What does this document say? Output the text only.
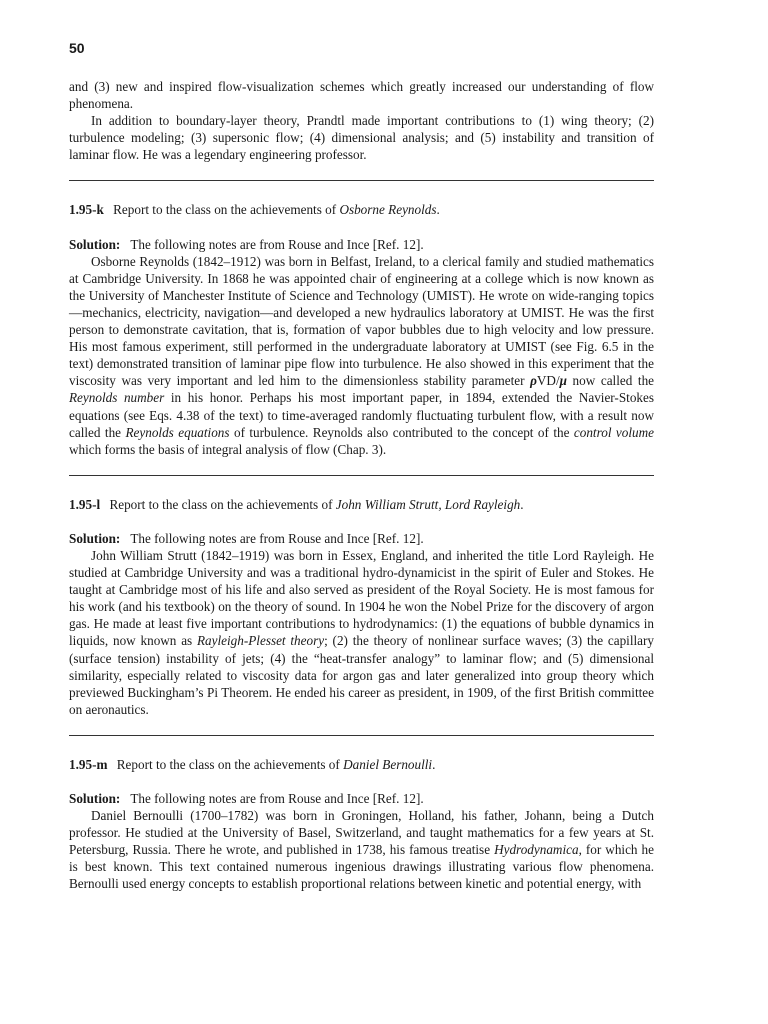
50

and (3) new and inspired flow-visualization schemes which greatly increased our understanding of flow phenomena.

In addition to boundary-layer theory, Prandtl made important contributions to (1) wing theory; (2) turbulence modeling; (3) supersonic flow; (4) dimensional analysis; and (5) instability and transition of laminar flow. He was a legendary engineering professor.

1.95-k Report to the class on the achievements of Osborne Reynolds.

Solution: The following notes are from Rouse and Ince [Ref. 12].

Osborne Reynolds (1842–1912) was born in Belfast, Ireland, to a clerical family and studied mathematics at Cambridge University. In 1868 he was appointed chair of engineering at a college which is now known as the University of Manchester Institute of Science and Technology (UMIST). He wrote on wide-ranging topics—mechanics, electricity, navigation—and developed a new hydraulics laboratory at UMIST. He was the first person to demonstrate cavitation, that is, formation of vapor bubbles due to high velocity and low pressure. His most famous experiment, still performed in the undergraduate laboratory at UMIST (see Fig. 6.5 in the text) demonstrated transition of laminar pipe flow into turbulence. He also showed in this experiment that the viscosity was very important and led him to the dimensionless stability parameter ρVD/μ now called the Reynolds number in his honor. Perhaps his most important paper, in 1894, extended the Navier-Stokes equations (see Eqs. 4.38 of the text) to time-averaged randomly fluctuating turbulent flow, with a result now called the Reynolds equations of turbulence. Reynolds also contributed to the concept of the control volume which forms the basis of integral analysis of flow (Chap. 3).

1.95-l Report to the class on the achievements of John William Strutt, Lord Rayleigh.

Solution: The following notes are from Rouse and Ince [Ref. 12].

John William Strutt (1842–1919) was born in Essex, England, and inherited the title Lord Rayleigh. He studied at Cambridge University and was a traditional hydro-dynamicist in the spirit of Euler and Stokes. He taught at Cambridge most of his life and also served as president of the Royal Society. He is most famous for his work (and his textbook) on the theory of sound. In 1904 he won the Nobel Prize for the discovery of argon gas. He made at least five important contributions to hydrodynamics: (1) the equations of bubble dynamics in liquids, now known as Rayleigh-Plesset theory; (2) the theory of nonlinear surface waves; (3) the capillary (surface tension) instability of jets; (4) the “heat-transfer analogy” to laminar flow; and (5) dimensional similarity, especially related to viscosity data for argon gas and later generalized into group theory which previewed Buckingham’s Pi Theorem. He ended his career as president, in 1909, of the first British committee on aeronautics.

1.95-m Report to the class on the achievements of Daniel Bernoulli.

Solution: The following notes are from Rouse and Ince [Ref. 12].

Daniel Bernoulli (1700–1782) was born in Groningen, Holland, his father, Johann, being a Dutch professor. He studied at the University of Basel, Switzerland, and taught mathematics for a few years at St. Petersburg, Russia. There he wrote, and published in 1738, his famous treatise Hydrodynamica, for which he is best known. This text contained numerous ingenious drawings illustrating various flow phenomena. Bernoulli used energy concepts to establish proportional relations between kinetic and potential energy, with
